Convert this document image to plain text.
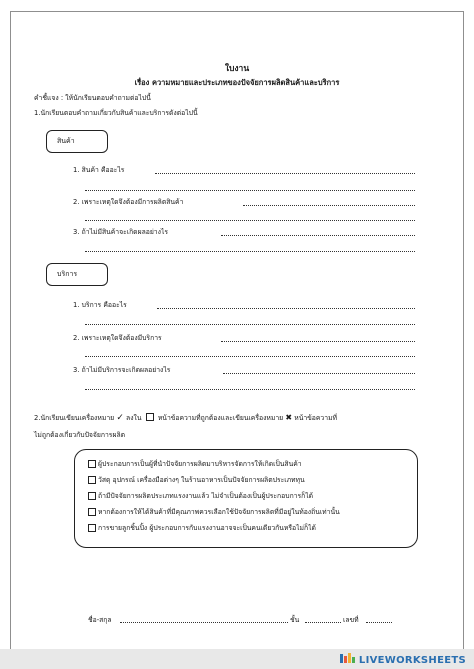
ใบงาน
เรื่อง ความหมายและประเภทของปัจจัยการผลิตสินค้าและบริการ
คำชี้แจง : ให้นักเรียนตอบคำถามต่อไปนี้
1.นักเรียนตอบคำถามเกี่ยวกับสินค้าและบริการดังต่อไปนี้
สินค้า
1. สินค้า คืออะไร
2. เพราะเหตุใดจึงต้องมีการผลิตสินค้า
3. ถ้าไม่มีสินค้าจะเกิดผลอย่างไร
บริการ
1. บริการ คืออะไร
2. เพราะเหตุใดจึงต้องมีบริการ
3. ถ้าไม่มีบริการจะเกิดผลอย่างไร
2.นักเรียนเขียนเครื่องหมาย ✓ ลงใน หน้าข้อความที่ถูกต้องและเขียนเครื่องหมาย ✖ หน้าข้อความที่
ไม่ถูกต้องเกี่ยวกับปัจจัยการผลิต
ผู้ประกอบการเป็นผู้ที่นำปัจจัยการผลิตมาบริหารจัดการให้เกิดเป็นสินค้า
วัสดุ อุปกรณ์ เครื่องมือต่างๆ ในร้านอาหารเป็นปัจจัยการผลิตประเภททุน
ถ้ามีปัจจัยการผลิตประเภทแรงงานแล้ว ไม่จำเป็นต้องเป็นผู้ประกอบการก็ได้
หากต้องการให้ได้สินค้าที่มีคุณภาพควรเลือกใช้ปัจจัยการผลิตที่มีอยู่ในท้องถิ่นเท่านั้น
การขายลูกชิ้นปิ้ง ผู้ประกอบการกับแรงงานอาจจะเป็นคนเดียวกันหรือไม่ก็ได้
ชื่อ-สกุล	ชั้น	เลขที่
LIVEWORKSHEETS
